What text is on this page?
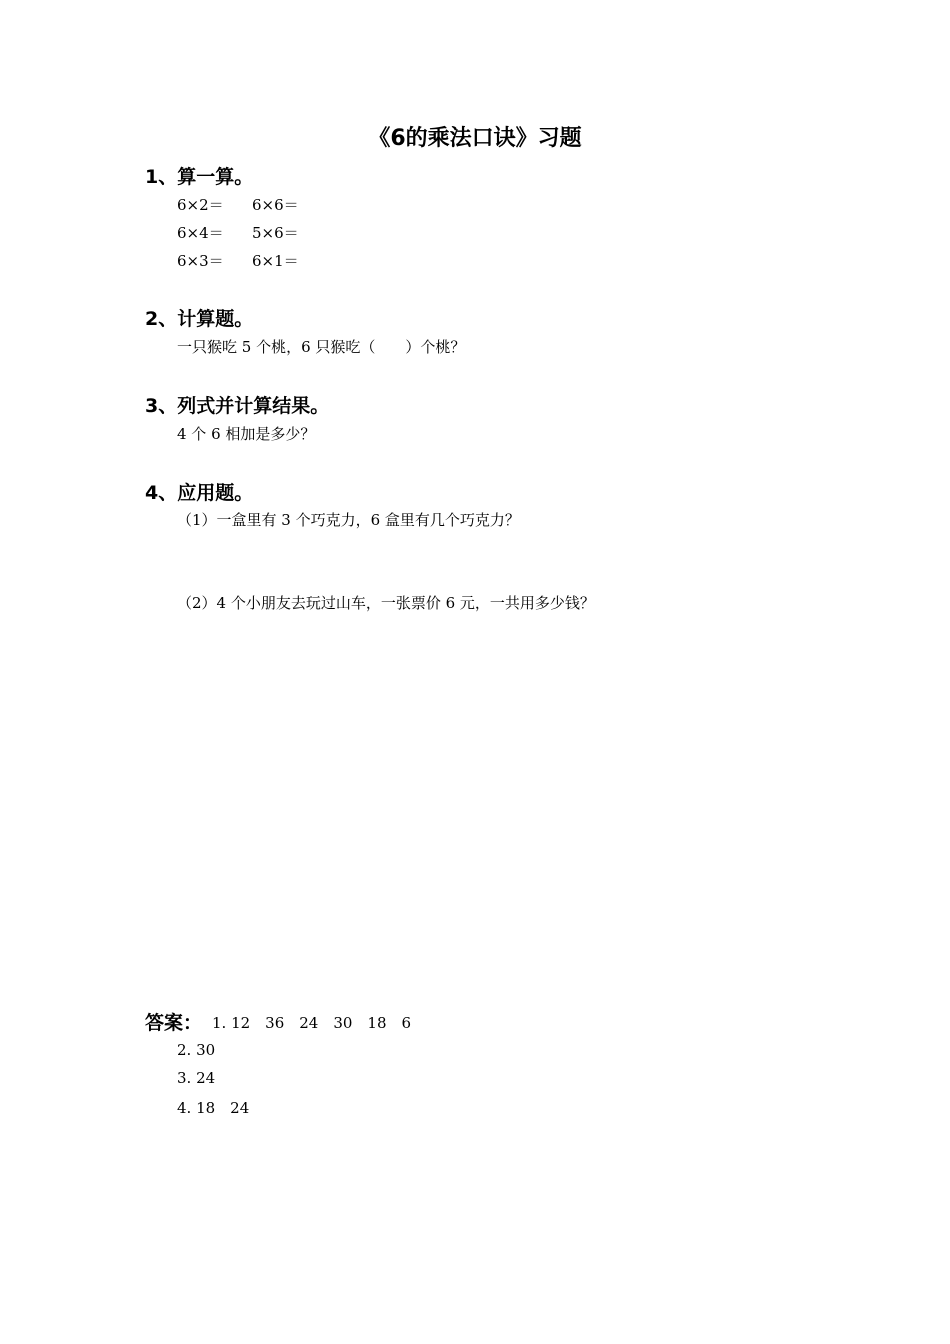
《6的乘法口诀》习题
1、算一算。
6×2＝ 6×6＝
6×4＝ 5×6＝
6×3＝ 6×1＝
2、计算题。
一只猴吃 5 个桃，6 只猴吃（　　）个桃？
3、列式并计算结果。
4 个 6 相加是多少？
4、应用题。
（1）一盒里有 3 个巧克力，6 盒里有几个巧克力？
（2）4 个小朋友去玩过山车，一张票价 6 元，一共用多少钱？
答案： 1. 12　36　24　30　18　6
2. 30
3. 24
4. 18　24
